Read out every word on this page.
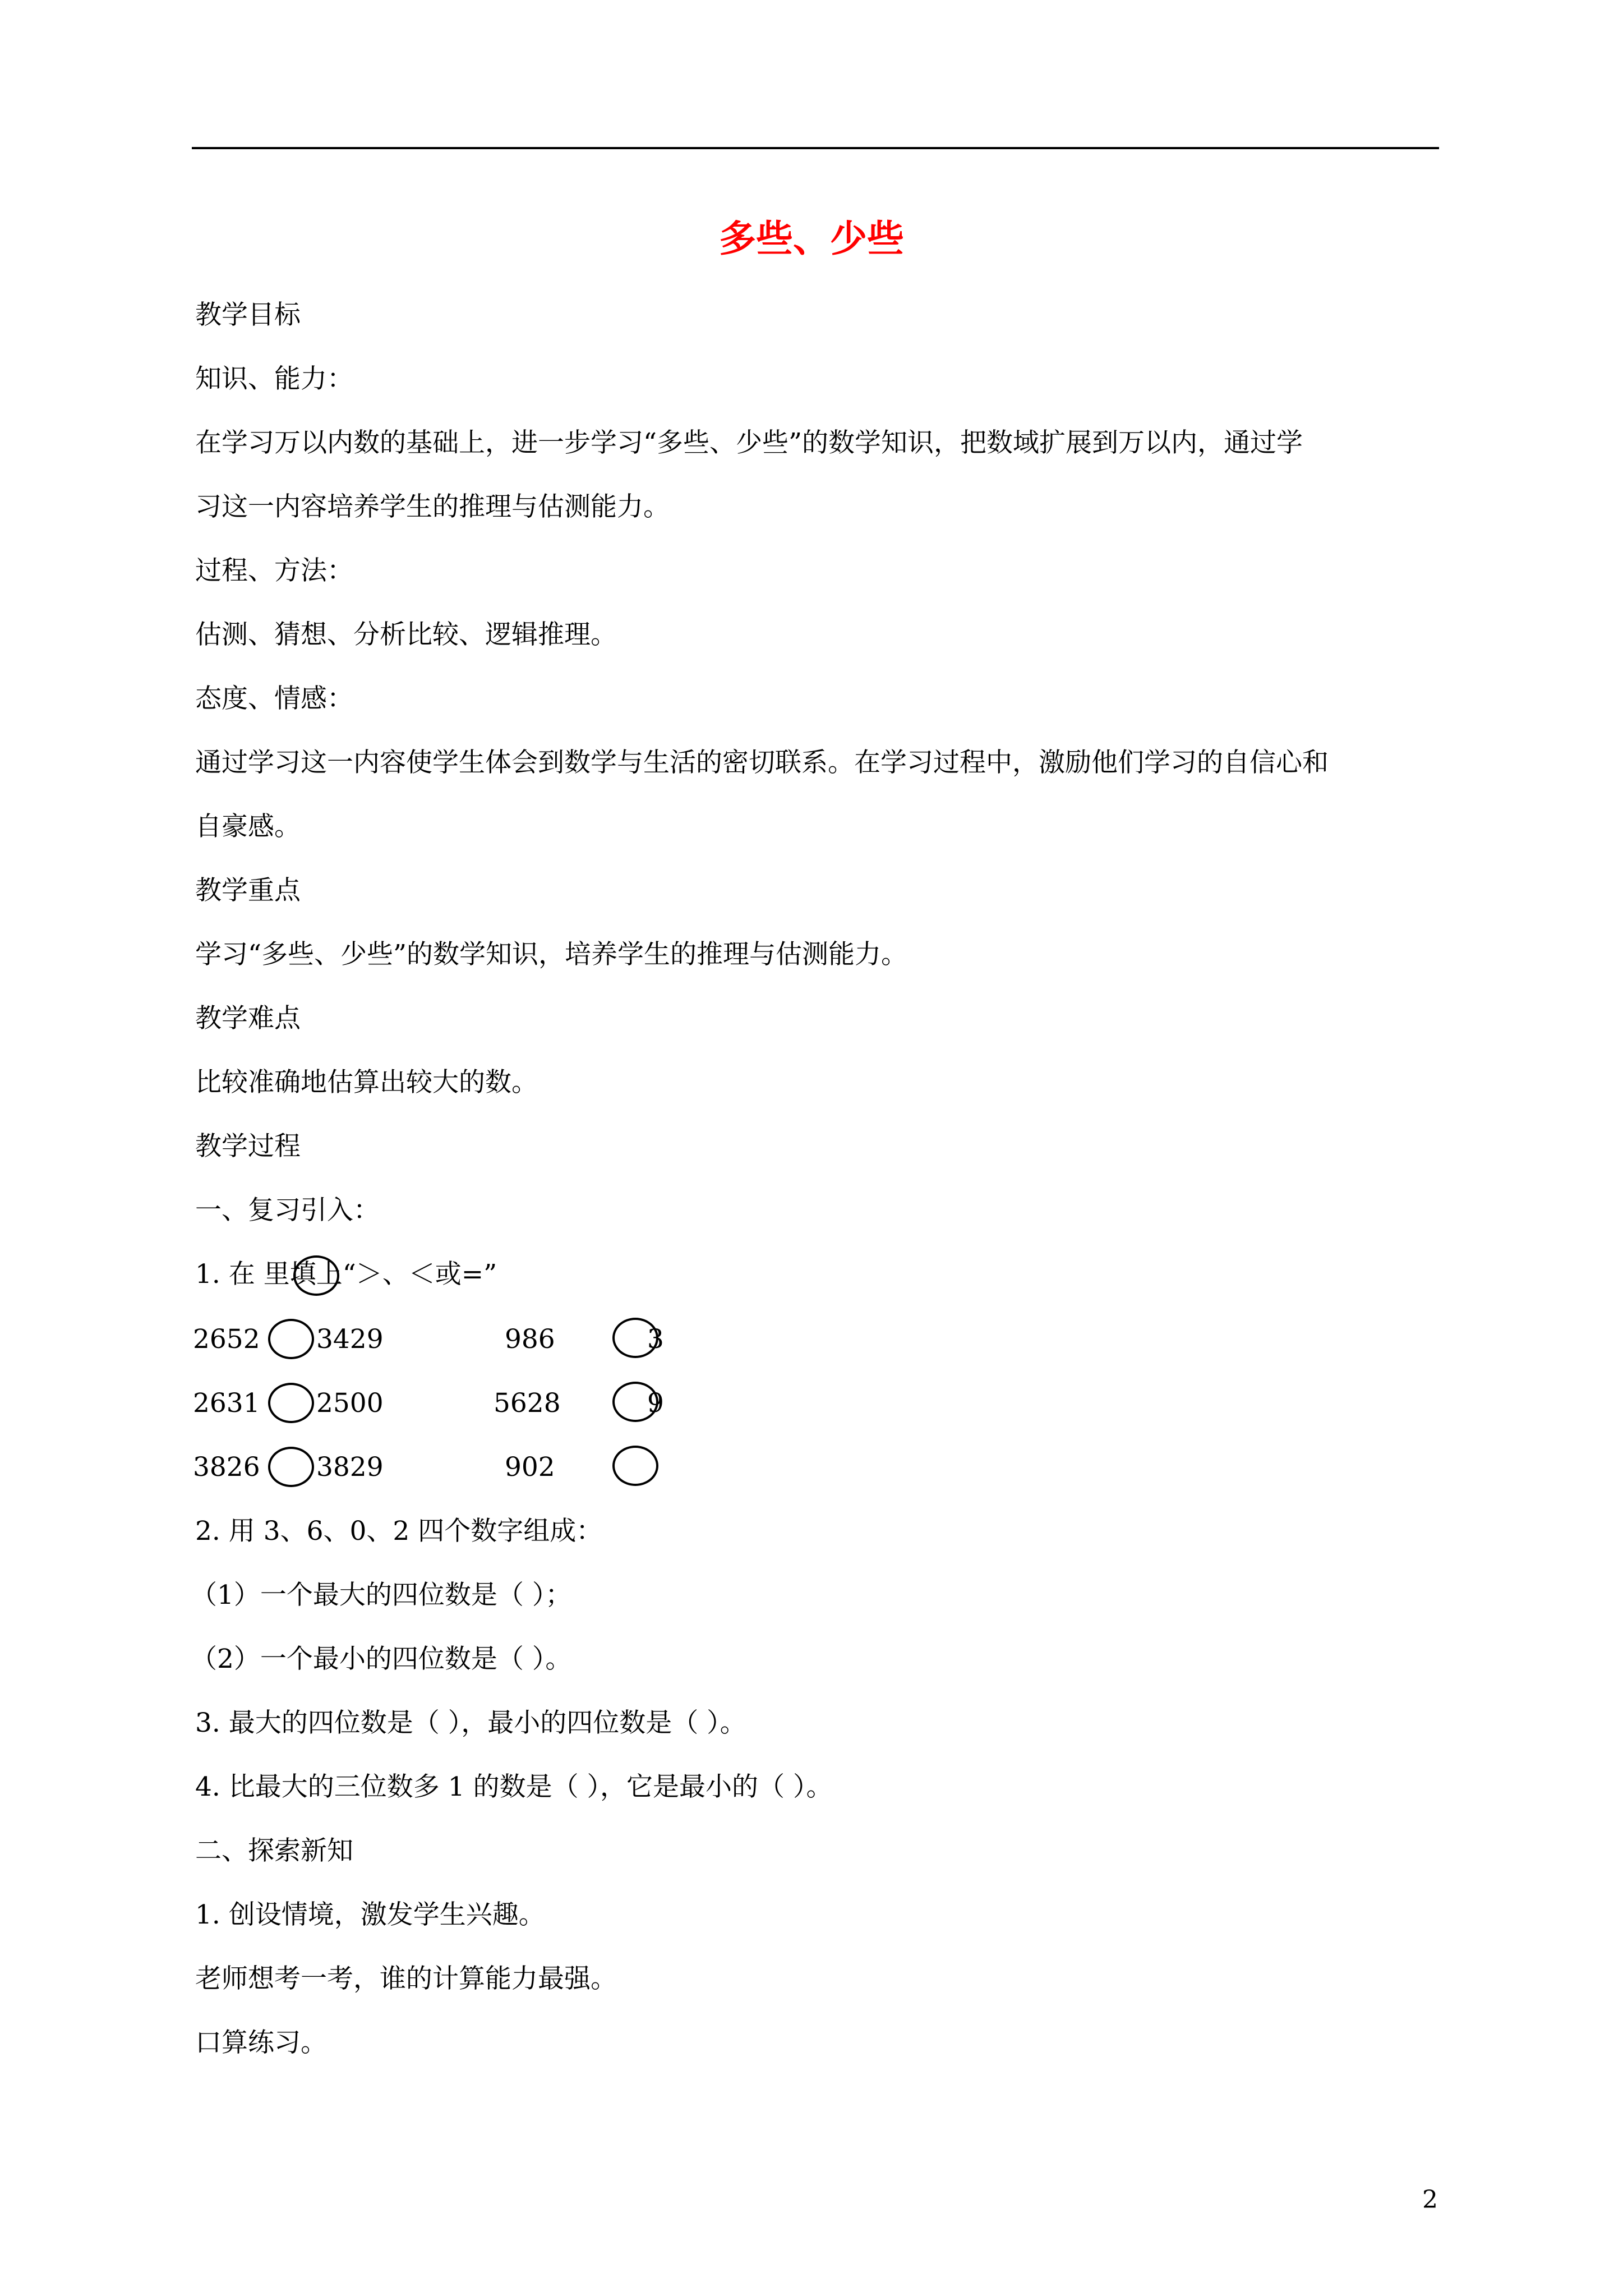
多些、少些
教学目标
知识、能力：
在学习万以内数的基础上，进一步学习“多些、少些”的数学知识，把数域扩展到万以内，通过学
习这一内容培养学生的推理与估测能力。
过程、方法：
估测、猜想、分析比较、逻辑推理。
态度、情感：
通过学习这一内容使学生体会到数学与生活的密切联系。在学习过程中，激励他们学习的自信心和
自豪感。
教学重点
学习“多些、少些”的数学知识，培养学生的推理与估测能力。
教学难点
比较准确地估算出较大的数。
教学过程
一、复习引入：
1. 在 里填上“＞、＜或=”
2652 3429	986	3
2631 2500	5628	9
3826 3829	902
2. 用 3、6、0、2 四个数字组成：
（1）一个最大的四位数是（ ）；
（2）一个最小的四位数是（ ）。
3. 最大的四位数是（ ），最小的四位数是（ ）。
4. 比最大的三位数多 1 的数是（ ），它是最小的（ ）。
二、探索新知
1. 创设情境，激发学生兴趣。
老师想考一考，谁的计算能力最强。
口算练习。
2
